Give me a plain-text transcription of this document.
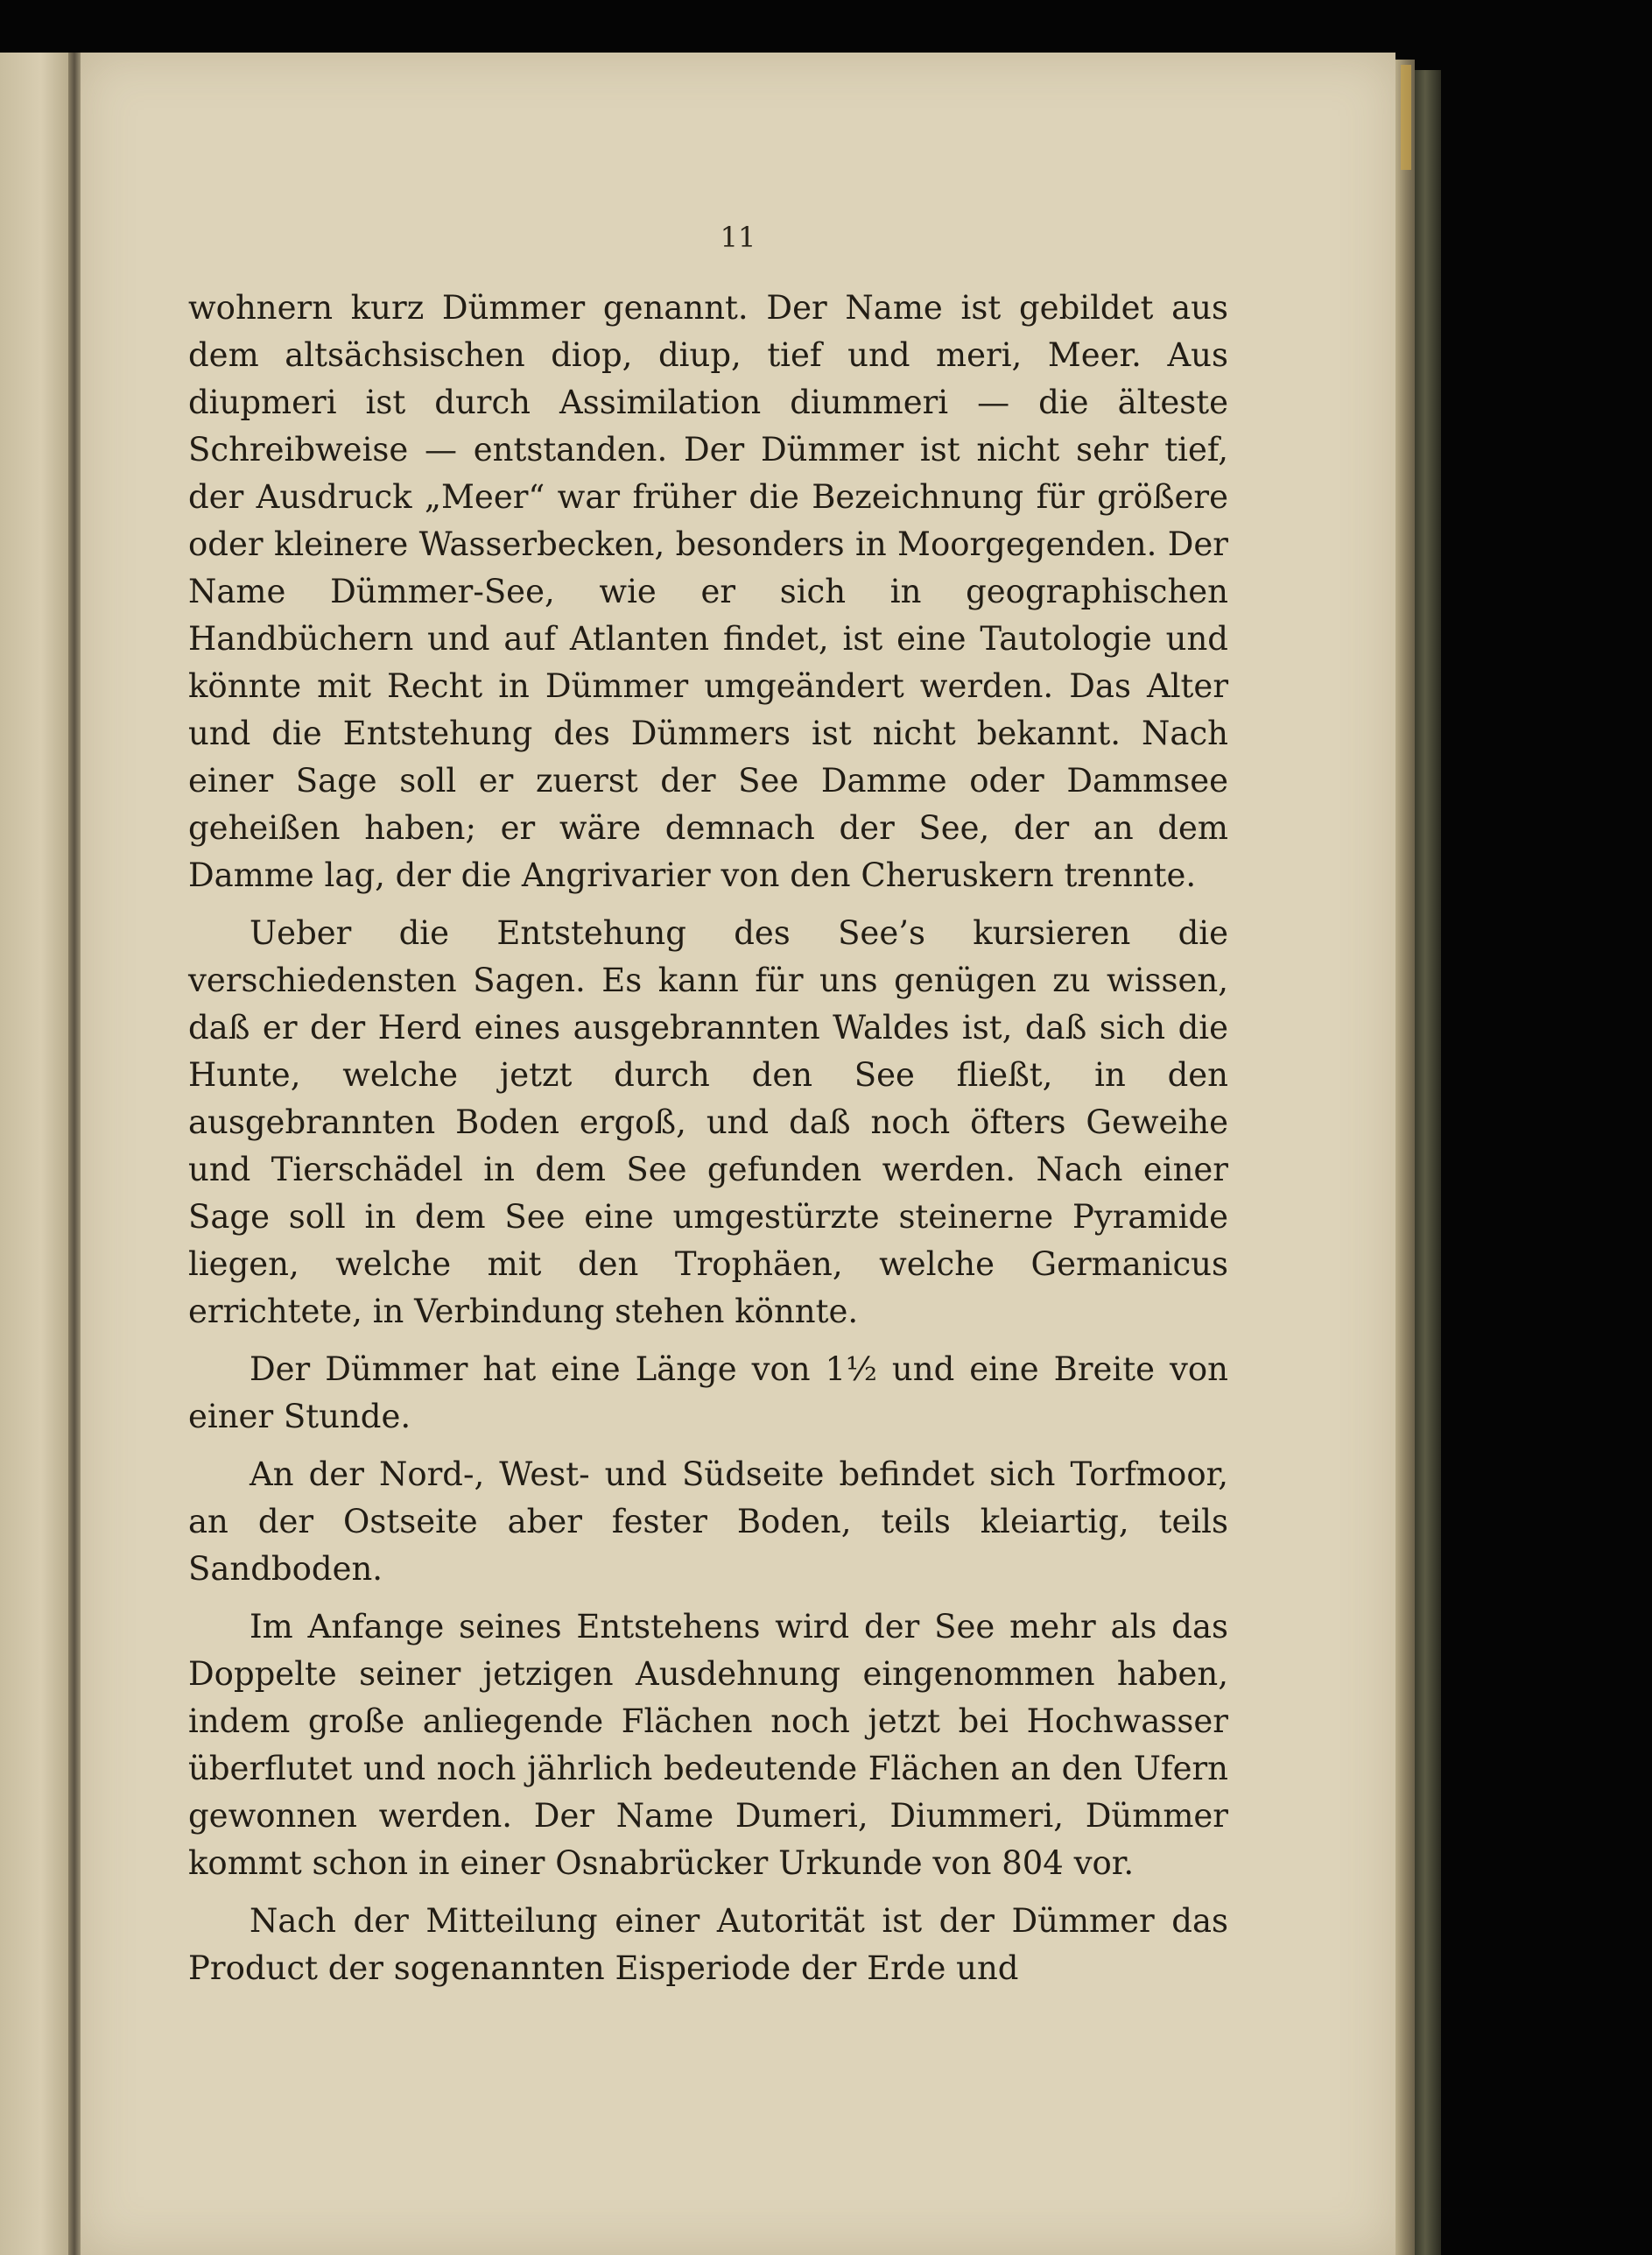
11

wohnern kurz Dümmer genannt. Der Name ist gebildet aus dem altsächsischen diop, diup, tief und meri, Meer. Aus diupmeri ist durch Assimilation diummeri — die älteste Schreibweise — entstanden. Der Dümmer ist nicht sehr tief, der Ausdruck „Meer“ war früher die Bezeichnung für größere oder kleinere Wasserbecken, besonders in Moorgegenden. Der Name Dümmer-See, wie er sich in geographischen Handbüchern und auf Atlanten findet, ist eine Tautologie und könnte mit Recht in Dümmer umgeändert werden. Das Alter und die Entstehung des Dümmers ist nicht bekannt. Nach einer Sage soll er zuerst der See Damme oder Dammsee geheißen haben; er wäre demnach der See, der an dem Damme lag, der die Angrivarier von den Cheruskern trennte.

Ueber die Entstehung des See’s kursieren die verschiedensten Sagen. Es kann für uns genügen zu wissen, daß er der Herd eines ausgebrannten Waldes ist, daß sich die Hunte, welche jetzt durch den See fließt, in den ausgebrannten Boden ergoß, und daß noch öfters Geweihe und Tierschädel in dem See gefunden werden. Nach einer Sage soll in dem See eine umgestürzte steinerne Pyramide liegen, welche mit den Trophäen, welche Germanicus errichtete, in Verbindung stehen könnte.

Der Dümmer hat eine Länge von 1½ und eine Breite von einer Stunde.

An der Nord-, West- und Südseite befindet sich Torfmoor, an der Ostseite aber fester Boden, teils kleiartig, teils Sandboden.

Im Anfange seines Entstehens wird der See mehr als das Doppelte seiner jetzigen Ausdehnung eingenommen haben, indem große anliegende Flächen noch jetzt bei Hochwasser überflutet und noch jährlich bedeutende Flächen an den Ufern gewonnen werden. Der Name Dumeri, Diummeri, Dümmer kommt schon in einer Osnabrücker Urkunde von 804 vor.

Nach der Mitteilung einer Autorität ist der Dümmer das Product der sogenannten Eisperiode der Erde und
